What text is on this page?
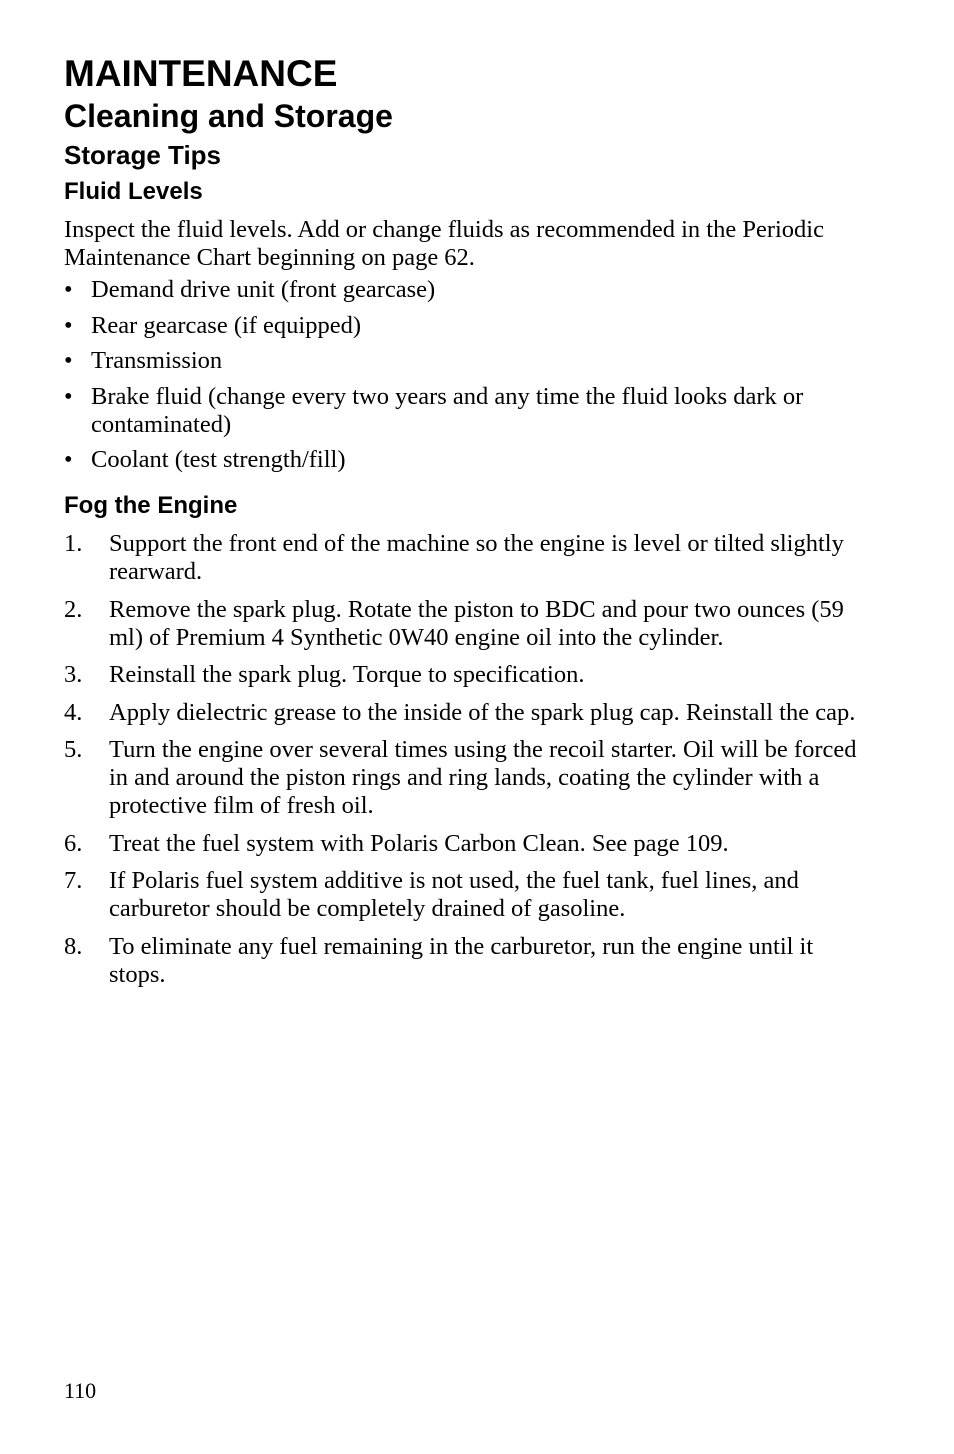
MAINTENANCE
Cleaning and Storage
Storage Tips
Fluid Levels

Inspect the fluid levels. Add or change fluids as recommended in the Periodic Maintenance Chart beginning on page 62.

• Demand drive unit (front gearcase)
• Rear gearcase (if equipped)
• Transmission
• Brake fluid (change every two years and any time the fluid looks dark or contaminated)
• Coolant (test strength/fill)
Fog the Engine
1. Support the front end of the machine so the engine is level or tilted slightly rearward.
2. Remove the spark plug. Rotate the piston to BDC and pour two ounces (59 ml) of Premium 4 Synthetic 0W40 engine oil into the cylinder.
3. Reinstall the spark plug. Torque to specification.
4. Apply dielectric grease to the inside of the spark plug cap. Reinstall the cap.
5. Turn the engine over several times using the recoil starter. Oil will be forced in and around the piston rings and ring lands, coating the cylinder with a protective film of fresh oil.
6. Treat the fuel system with Polaris Carbon Clean. See page 109.
7. If Polaris fuel system additive is not used, the fuel tank, fuel lines, and carburetor should be completely drained of gasoline.
8. To eliminate any fuel remaining in the carburetor, run the engine until it stops.
110
